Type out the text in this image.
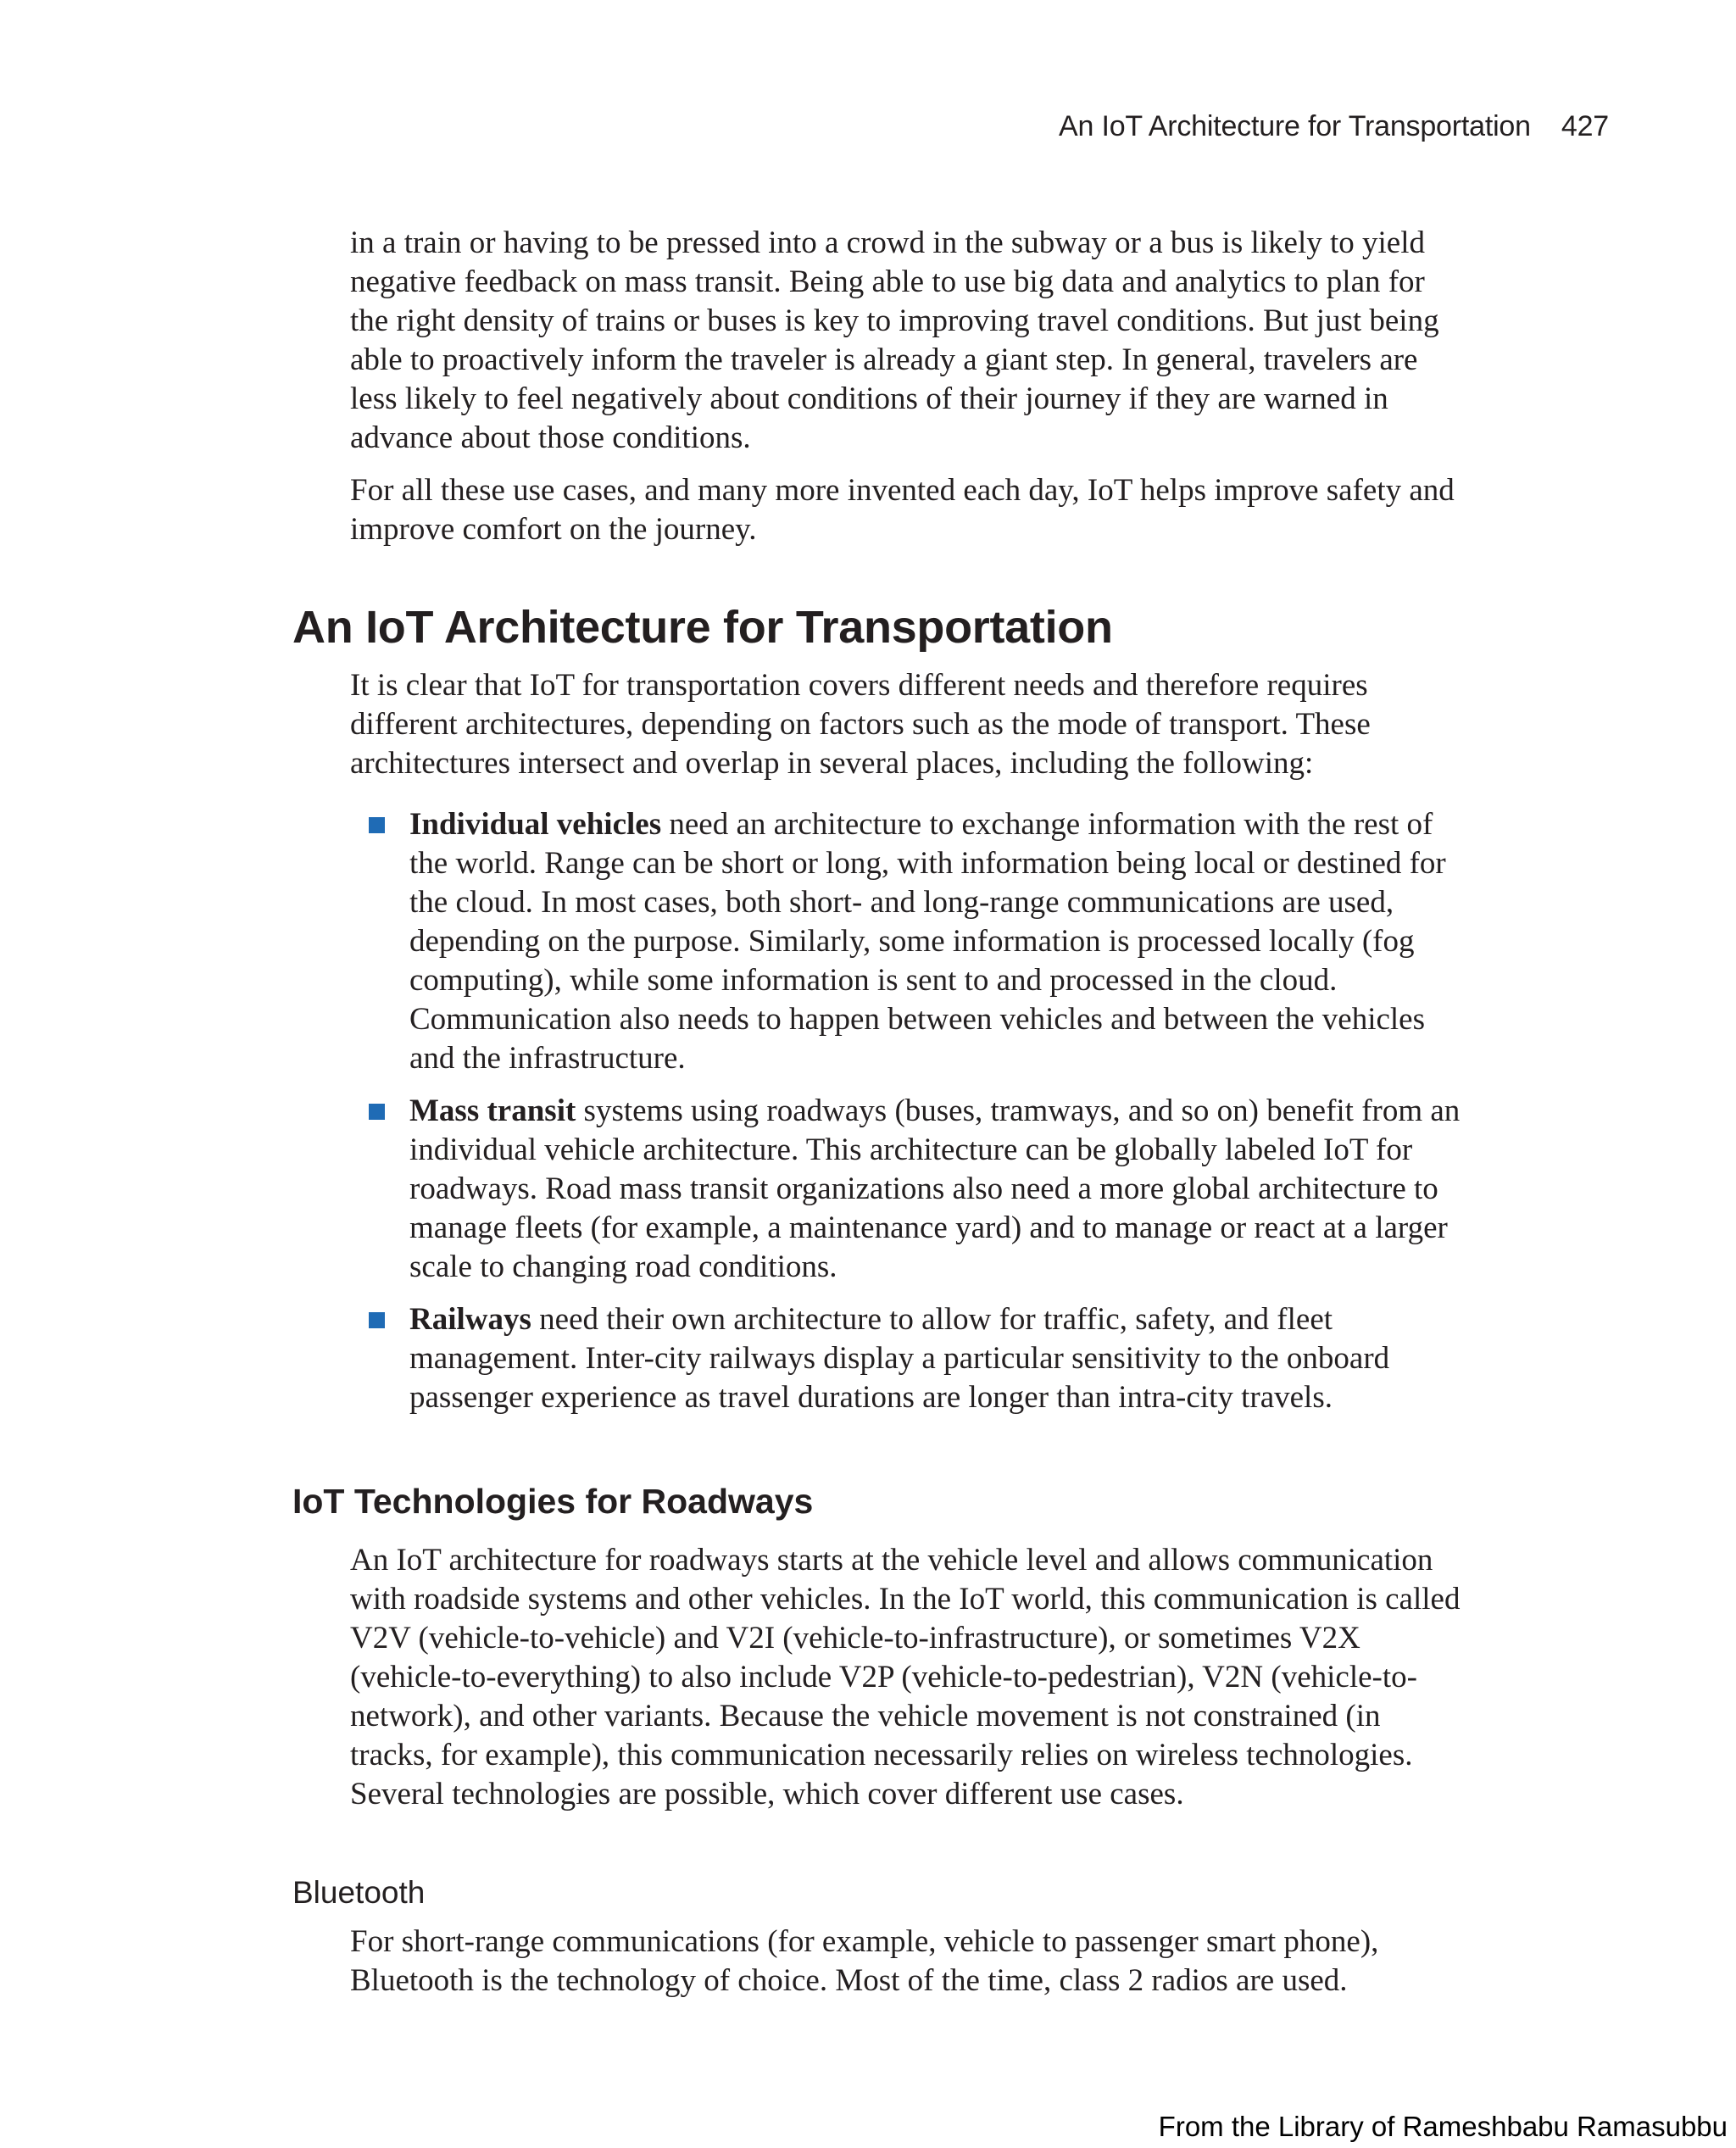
An IoT Architecture for Transportation 427

in a train or having to be pressed into a crowd in the subway or a bus is likely to yield negative feedback on mass transit. Being able to use big data and analytics to plan for the right density of trains or buses is key to improving travel conditions. But just being able to proactively inform the traveler is already a giant step. In general, travelers are less likely to feel negatively about conditions of their journey if they are warned in advance about those conditions.

For all these use cases, and many more invented each day, IoT helps improve safety and improve comfort on the journey.

An IoT Architecture for Transportation

It is clear that IoT for transportation covers different needs and therefore requires different architectures, depending on factors such as the mode of transport. These architectures intersect and overlap in several places, including the following:

Individual vehicles need an architecture to exchange information with the rest of the world. Range can be short or long, with information being local or destined for the cloud. In most cases, both short- and long-range communications are used, depending on the purpose. Similarly, some information is processed locally (fog computing), while some information is sent to and processed in the cloud. Communication also needs to happen between vehicles and between the vehicles and the infrastructure.
Mass transit systems using roadways (buses, tramways, and so on) benefit from an individual vehicle architecture. This architecture can be globally labeled IoT for roadways. Road mass transit organizations also need a more global architecture to manage fleets (for example, a maintenance yard) and to manage or react at a larger scale to changing road conditions.
Railways need their own architecture to allow for traffic, safety, and fleet management. Inter-city railways display a particular sensitivity to the onboard passenger experience as travel durations are longer than intra-city travels.
IoT Technologies for Roadways

An IoT architecture for roadways starts at the vehicle level and allows communication with roadside systems and other vehicles. In the IoT world, this communication is called V2V (vehicle-to-vehicle) and V2I (vehicle-to-infrastructure), or sometimes V2X (vehicle-to-everything) to also include V2P (vehicle-to-pedestrian), V2N (vehicle-to-network), and other variants. Because the vehicle movement is not constrained (in tracks, for example), this communication necessarily relies on wireless technologies. Several technologies are possible, which cover different use cases.

Bluetooth

For short-range communications (for example, vehicle to passenger smart phone), Bluetooth is the technology of choice. Most of the time, class 2 radios are used.

From the Library of Rameshbabu Ramasubbu
